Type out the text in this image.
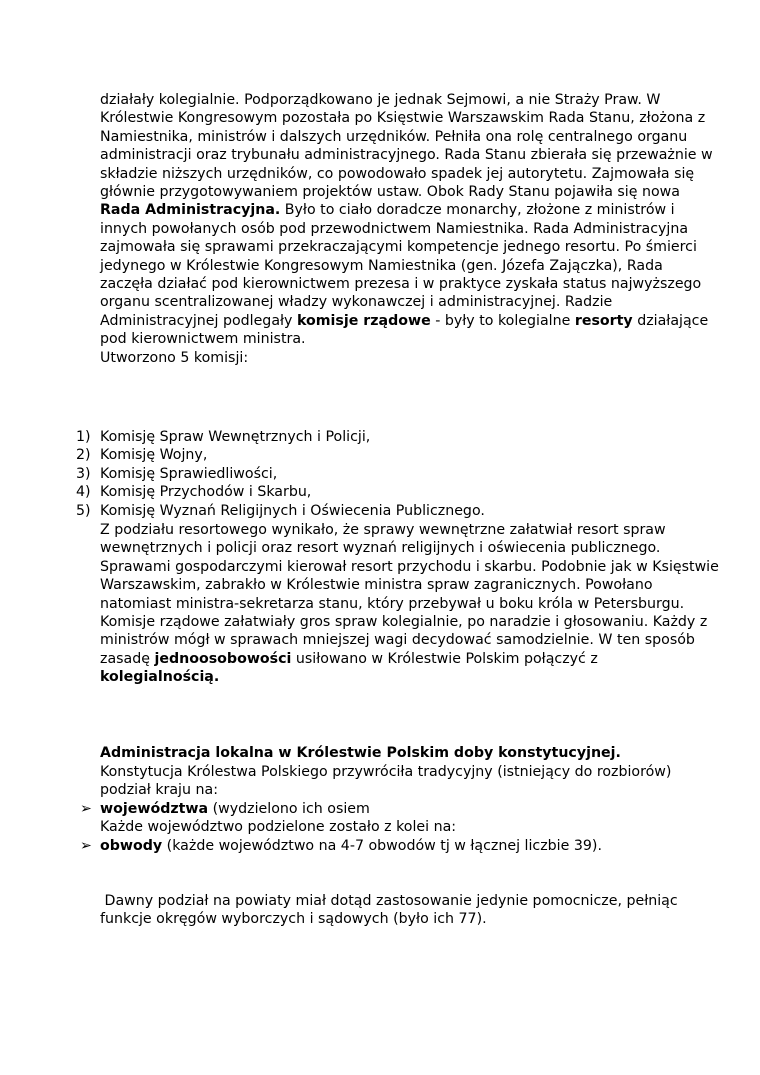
działały kolegialnie. Podporządkowano je jednak Sejmowi, a nie Straży Praw. W Królestwie Kongresowym pozostała po Księstwie Warszawskim Rada Stanu, złożona z Namiestnika, ministrów i dalszych urzędników. Pełniła ona rolę centralnego organu administracji oraz trybunału administracyjnego. Rada Stanu zbierała się przeważnie w składzie niższych urzędników, co powodowało spadek jej autorytetu. Zajmowała się głównie przygotowywaniem projektów ustaw. Obok Rady Stanu pojawiła się nowa Rada Administracyjna. Było to ciało doradcze monarchy, złożone z ministrów i innych powołanych osób pod przewodnictwem Namiestnika. Rada Administracyjna zajmowała się sprawami przekraczającymi kompetencje jednego resortu. Po śmierci jedynego w Królestwie Kongresowym Namiestnika (gen. Józefa Zajączka), Rada zaczęła działać pod kierownictwem prezesa i w praktyce zyskała status najwyższego organu scentralizowanej władzy wykonawczej i administracyjnej. Radzie Administracyjnej podlegały komisje rządowe - były to kolegialne resorty działające pod kierownictwem ministra.

Utworzono 5 komisji:

1) Komisję Spraw Wewnętrznych i Policji,
2) Komisję Wojny,
3) Komisję Sprawiedliwości,
4) Komisję Przychodów i Skarbu,
5) Komisję Wyznań Religijnych i Oświecenia Publicznego.

Z podziału resortowego wynikało, że sprawy wewnętrzne załatwiał resort spraw wewnętrznych i policji oraz resort wyznań religijnych i oświecenia publicznego. Sprawami gospodarczymi kierował resort przychodu i skarbu. Podobnie jak w Księstwie Warszawskim, zabrakło w Królestwie ministra spraw zagranicznych. Powołano natomiast ministra-sekretarza stanu, który przebywał u boku króla w Petersburgu. Komisje rządowe załatwiały gros spraw kolegialnie, po naradzie i głosowaniu. Każdy z ministrów mógł w sprawach mniejszej wagi decydować samodzielnie. W ten sposób zasadę jednoosobowości usiłowano w Królestwie Polskim połączyć z kolegialnością.

Administracja lokalna w Królestwie Polskim doby konstytucyjnej.
Konstytucja Królestwa Polskiego przywróciła tradycyjny (istniejący do rozbiorów) podział kraju na:
➢ województwa (wydzielono ich osiem
Każde województwo podzielone zostało z kolei na:
➢ obwody (każde województwo na 4-7 obwodów tj w łącznej liczbie 39).
Dawny podział na powiaty miał dotąd zastosowanie jedynie pomocnicze, pełniąc funkcje okręgów wyborczych i sądowych (było ich 77).
